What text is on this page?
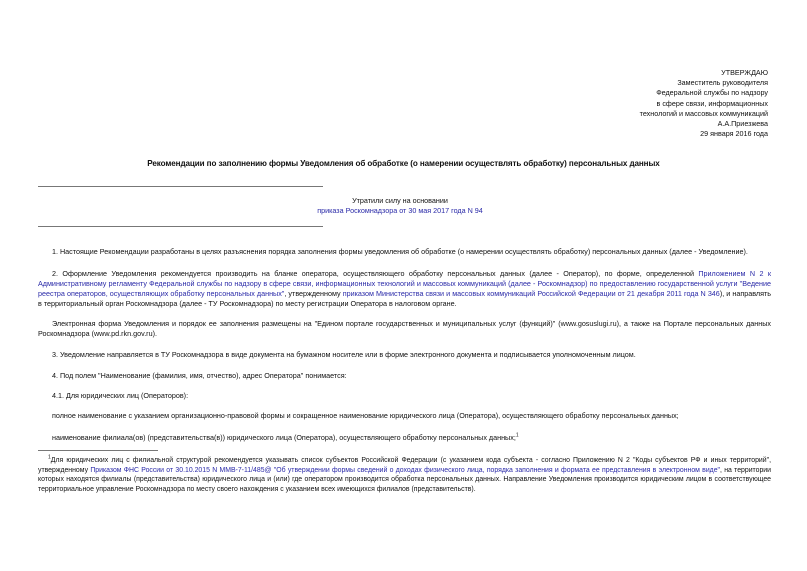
УТВЕРЖДАЮ
Заместитель руководителя
Федеральной службы по надзору
в сфере связи, информационных
технологий и массовых коммуникаций
А.А.Приезжева
29 января 2016 года
Рекомендации по заполнению формы Уведомления об обработке (о намерении осуществлять обработку) персональных данных
Утратили силу на основании
приказа Роскомнадзора от 30 мая 2017 года N 94
1. Настоящие Рекомендации разработаны в целях разъяснения порядка заполнения формы уведомления об обработке (о намерении осуществлять обработку) персональных данных (далее - Уведомление).
2. Оформление Уведомления рекомендуется производить на бланке оператора, осуществляющего обработку персональных данных (далее - Оператор), по форме, определенной Приложением N 2 к Административному регламенту Федеральной службы по надзору в сфере связи, информационных технологий и массовых коммуникаций (далее - Роскомнадзор) по предоставлению государственной услуги "Ведение реестра операторов, осуществляющих обработку персональных данных", утвержденному приказом Министерства связи и массовых коммуникаций Российской Федерации от 21 декабря 2011 года N 346), и направлять в территориальный орган Роскомнадзора (далее - ТУ Роскомнадзора) по месту регистрации Оператора в налоговом органе.
Электронная форма Уведомления и порядок ее заполнения размещены на "Едином портале государственных и муниципальных услуг (функций)" (www.gosuslugi.ru), а также на Портале персональных данных Роскомнадзора (www.pd.rkn.gov.ru).
3. Уведомление направляется в ТУ Роскомнадзора в виде документа на бумажном носителе или в форме электронного документа и подписывается уполномоченным лицом.
4. Под полем "Наименование (фамилия, имя, отчество), адрес Оператора" понимается:
4.1. Для юридических лиц (Операторов):
полное наименование с указанием организационно-правовой формы и сокращенное наименование юридического лица (Оператора), осуществляющего обработку персональных данных;
наименование филиала(ов) (представительства(в)) юридического лица (Оператора), осуществляющего обработку персональных данных;$^1$
$^1$Для юридических лиц с филиальной структурой рекомендуется указывать список субъектов Российской Федерации (с указанием кода субъекта - согласно Приложению N 2 "Коды субъектов РФ и иных территорий", утвержденному Приказом ФНС России от 30.10.2015 N ММВ-7-11/485@ "Об утверждении формы сведений о доходах физического лица, порядка заполнения и формата ее представления в электронном виде", на территории которых находятся филиалы (представительства) юридического лица и (или) где оператором производится обработка персональных данных. Направление Уведомления производится юридическим лицом в соответствующее территориальное управление Роскомнадзора по месту своего нахождения с указанием всех имеющихся филиалов (представительств).
